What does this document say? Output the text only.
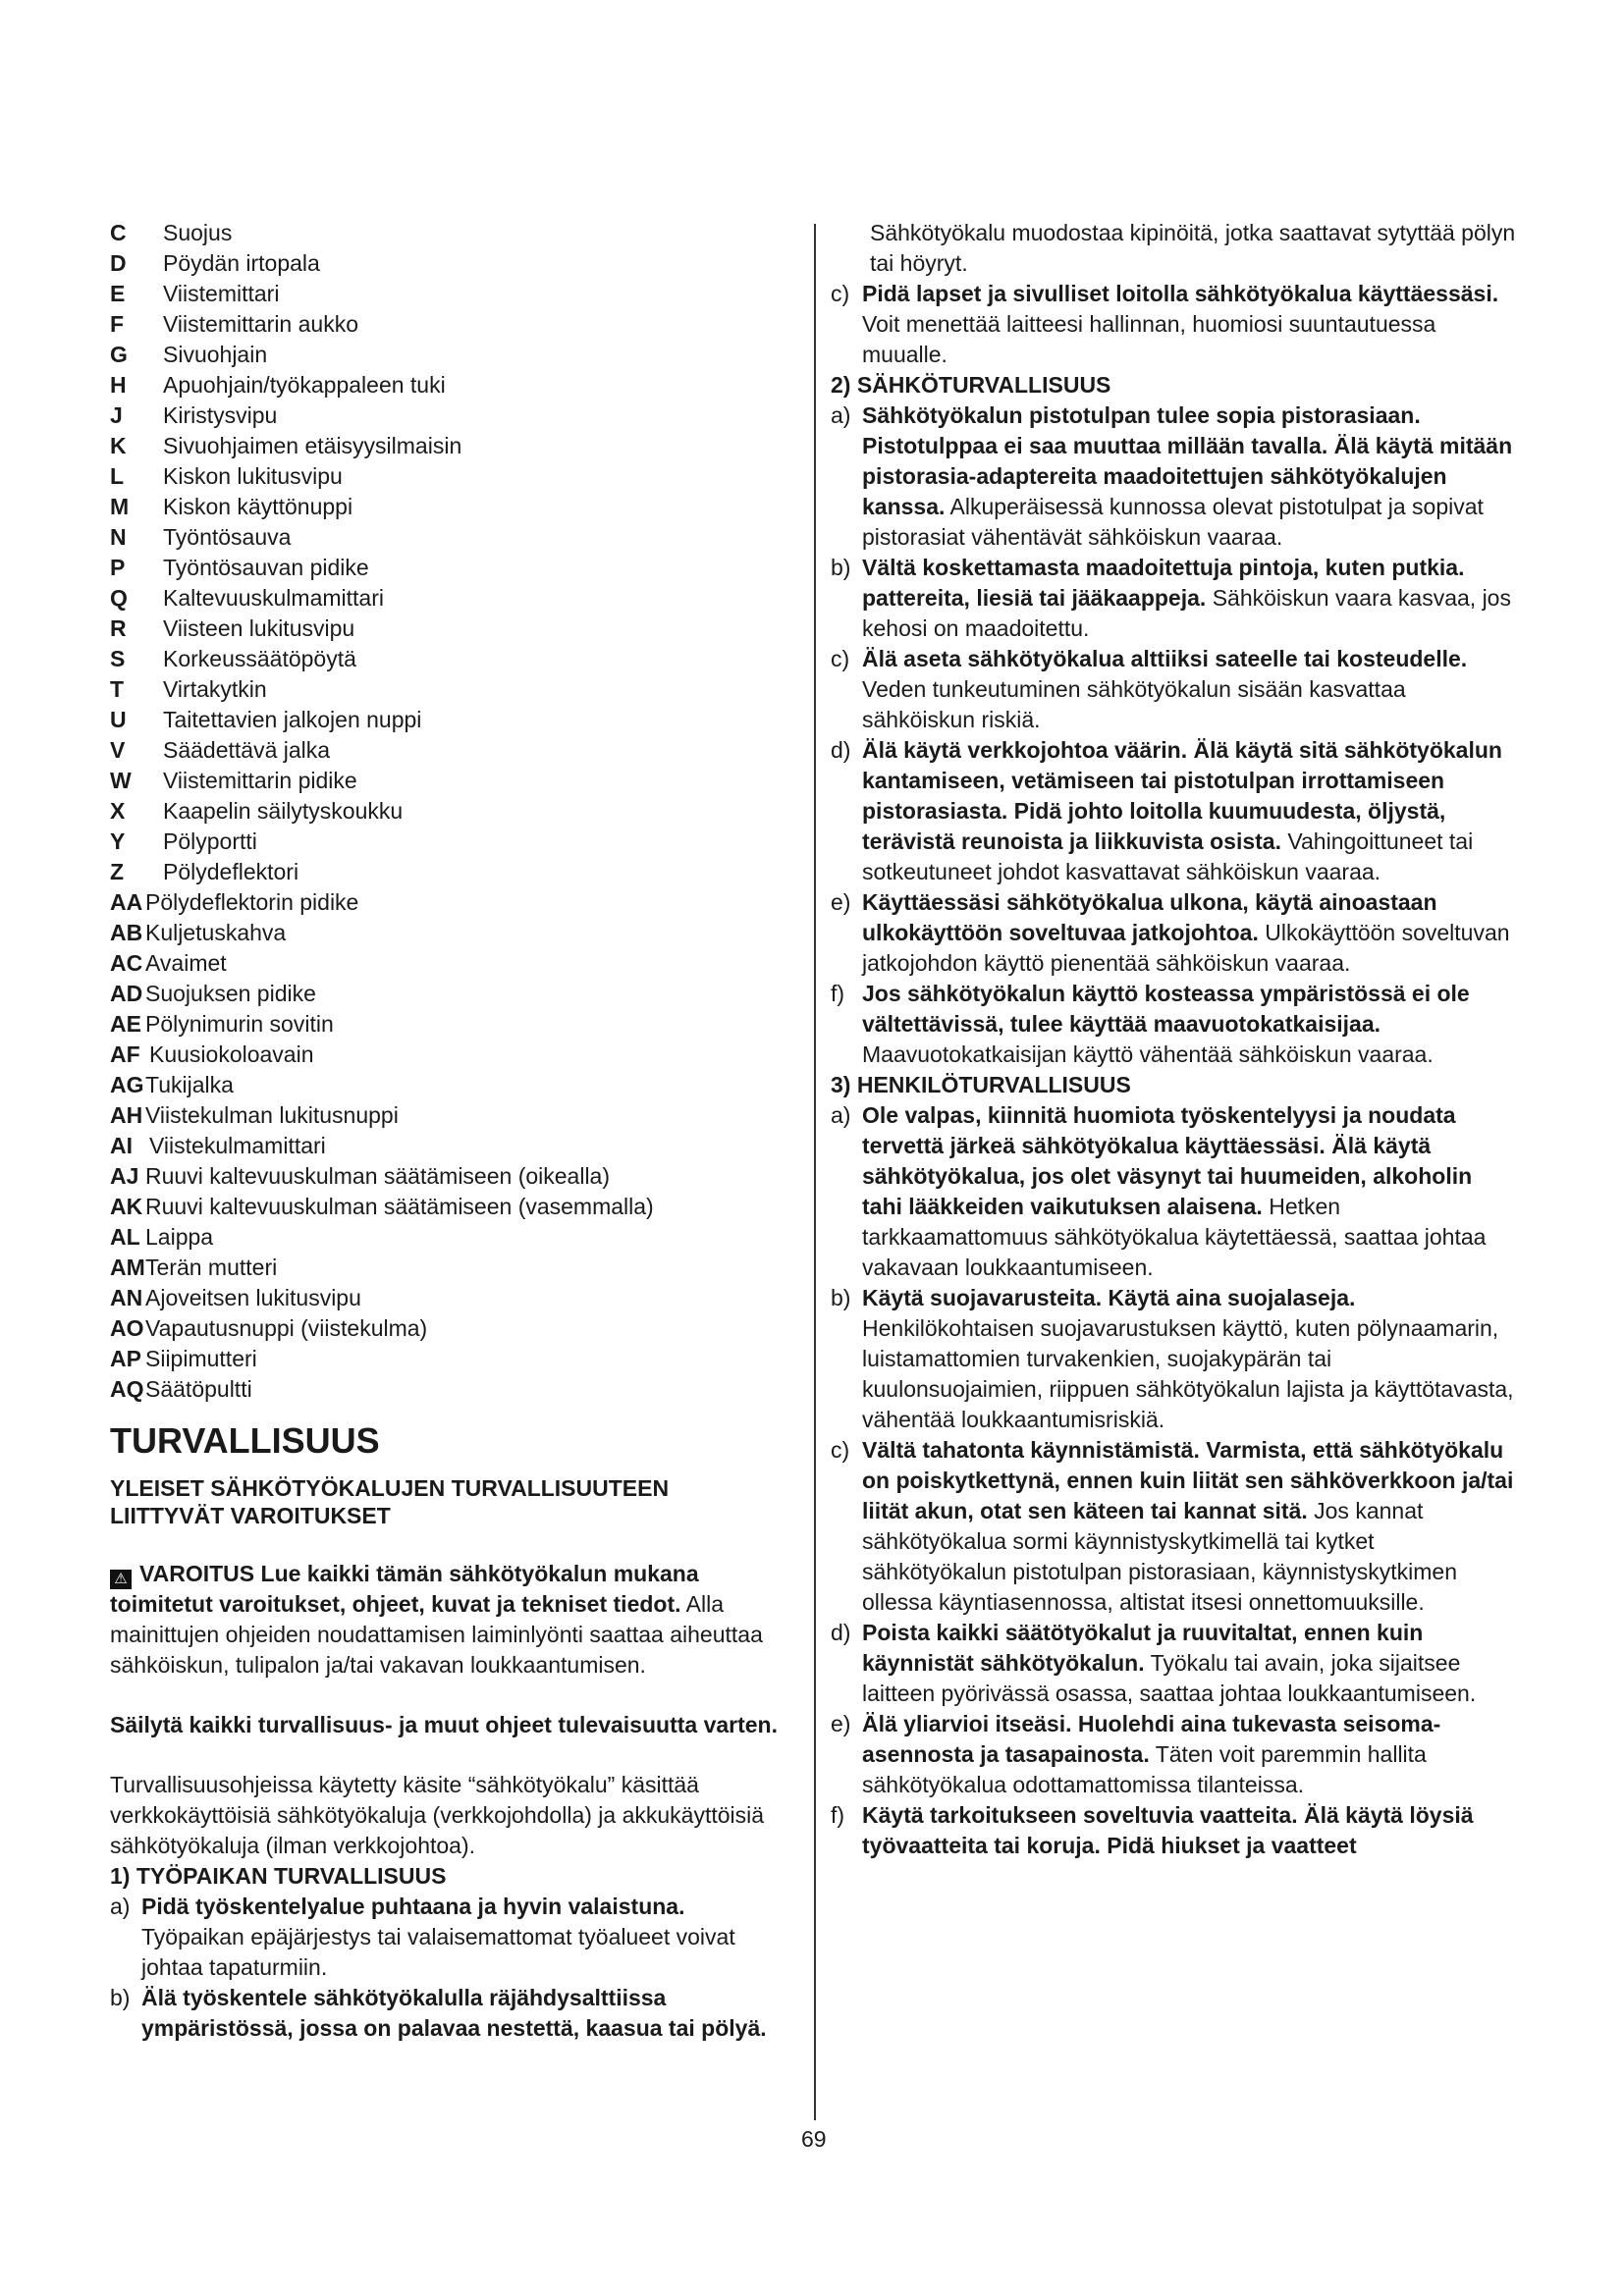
C	Suojus
D	Pöydän irtopala
E	Viistemittari
F	Viistemittarin aukko
G	Sivuohjain
H	Apuohjain/työkappaleen tuki
J	Kiristysvipu
K	Sivuohjaimen etäisyysilmaisin
L	Kiskon lukitusvipu
M	Kiskon käyttönuppi
N	Työntösauva
P	Työntösauvan pidike
Q	Kaltevuuskulmamittari
R	Viisteen lukitusvipu
S	Korkeussäätöpöytä
T	Virtakytkin
U	Taitettavien jalkojen nuppi
V	Säädettävä jalka
W	Viistemittarin pidike
X	Kaapelin säilytyskoukku
Y	Pölyportti
Z	Pölydeflektori
AA Pölydeflektorin pidike
AB Kuljetuskahva
AC Avaimet
AD Suojuksen pidike
AE Pölynimurin sovitin
AF Kuusiokoloavain
AG Tukijalka
AH Viistekulman lukitusnuppi
AI Viistekulmamittari
AJ Ruuvi kaltevuuskulman säätämiseen (oikealla)
AK Ruuvi kaltevuuskulman säätämiseen (vasemmalla)
AL Laippa
AM Terän mutteri
AN Ajoveitsen lukitusvipu
AO Vapautusnuppi (viistekulma)
AP Siipimutteri
AQ Säätöpultti
TURVALLISUUS
YLEISET SÄHKÖTYÖKALUJEN TURVALLISUUTEEN LIITTYVÄT VAROITUKSET

⚠ VAROITUS Lue kaikki tämän sähkötyökalun mukana toimitetut varoitukset, ohjeet, kuvat ja tekniset tiedot. Alla mainittujen ohjeiden noudattamisen laiminlyönti saattaa aiheuttaa sähköiskun, tulipalon ja/tai vakavan loukkaantumisen.

Säilytä kaikki turvallisuus- ja muut ohjeet tulevaisuutta varten.

Turvallisuusohjeissa käytetty käsite “sähkötyökalu” käsittää verkkokäyttöisiä sähkötyökaluja (verkkojohdolla) ja akkukäyttöisiä sähkötyökaluja (ilman verkkojohtoa).

1) TYÖPAIKAN TURVALLISUUS
a) Pidä työskentelyalue puhtaana ja hyvin valaistuna. Työpaikan epäjärjestys tai valaisemattomat työalueet voivat johtaa tapaturmiin.
b) Älä työskentele sähkötyökalulla räjähdysalttiissa ympäristössä, jossa on palavaa nestettä, kaasua tai pölyä.

Sähkötyökalu muodostaa kipinöitä, jotka saattavat sytyttää pölyn tai höyryt.

c) Pidä lapset ja sivulliset loitolla sähkötyökalua käyttäessäsi. Voit menettää laitteesi hallinnan, huomiosi suuntautuessa muualle.
2) SÄHKÖTURVALLISUUS
a) Sähkötyökalun pistotulpan tulee sopia pistorasiaan. Pistotulppaa ei saa muuttaa millään tavalla. Älä käytä mitään pistorasia-adaptereita maadoitettujen sähkötyökalujen kanssa. Alkuperäisessä kunnossa olevat pistotulpat ja sopivat pistorasiat vähentävät sähköiskun vaaraa.
b) Vältä koskettamasta maadoitettuja pintoja, kuten putkia. pattereita, liesiä tai jääkaappeja. Sähköiskun vaara kasvaa, jos kehosi on maadoitettu.
c) Älä aseta sähkötyökalua alttiiksi sateelle tai kosteudelle. Veden tunkeutuminen sähkötyökalun sisään kasvattaa sähköiskun riskiä.
d) Älä käytä verkkojohtoa väärin. Älä käytä sitä sähkötyökalun kantamiseen, vetämiseen tai pistotulpan irrottamiseen pistorasiasta. Pidä johto loitolla kuumuudesta, öljystä, terävistä reunoista ja liikkuvista osista. Vahingoittuneet tai sotkeutuneet johdot kasvattavat sähköiskun vaaraa.
e) Käyttäessäsi sähkötyökalua ulkona, käytä ainoastaan ulkokäyttöön soveltuvaa jatkojohtoa. Ulkokäyttöön soveltuvan jatkojohdon käyttö pienentää sähköiskun vaaraa.
f) Jos sähkötyökalun käyttö kosteassa ympäristössä ei ole vältettävissä, tulee käyttää maavuotokatkaisijaa. Maavuotokatkaisijan käyttö vähentää sähköiskun vaaraa.
3) HENKILÖTURVALLISUUS
a) Ole valpas, kiinnitä huomiota työskentelyysi ja noudata tervettä järkeä sähkötyökalua käyttäessäsi. Älä käytä sähkötyökalua, jos olet väsynyt tai huumeiden, alkoholin tahi lääkkeiden vaikutuksen alaisena. Hetken tarkkaamattomuus sähkötyökalua käytettäessä, saattaa johtaa vakavaan loukkaantumiseen.
b) Käytä suojavarusteita. Käytä aina suojalaseja. Henkilökohtaisen suojavarustuksen käyttö, kuten pölynaamarin, luistamattomien turvakenkien, suojakypärän tai kuulonsuojaimien, riippuen sähkötyökalun lajista ja käyttötavasta, vähentää loukkaantumisriskiä.
c) Vältä tahatonta käynnistämistä. Varmista, että sähkötyökalu on poiskytkettynä, ennen kuin liität sen sähköverkkoon ja/tai liität akun, otat sen käteen tai kannat sitä. Jos kannat sähkötyökalua sormi käynnistyskytkimellä tai kytket sähkötyökalun pistotulpan pistorasiaan, käynnistyskytkimen ollessa käyntiasennossa, altistat itsesi onnettomuuksille.
d) Poista kaikki säätötyökalut ja ruuvitaltat, ennen kuin käynnistät sähkötyökalun. Työkalu tai avain, joka sijaitsee laitteen pyörivässä osassa, saattaa johtaa loukkaantumiseen.
e) Älä yliarvioi itseäsi. Huolehdi aina tukevasta seisoma-asennosta ja tasapainosta. Täten voit paremmin hallita sähkötyökalua odottamattomissa tilanteissa.
f) Käytä tarkoitukseen soveltuvia vaatteita. Älä käytä löysiä työvaatteita tai koruja. Pidä hiukset ja vaatteet
69
